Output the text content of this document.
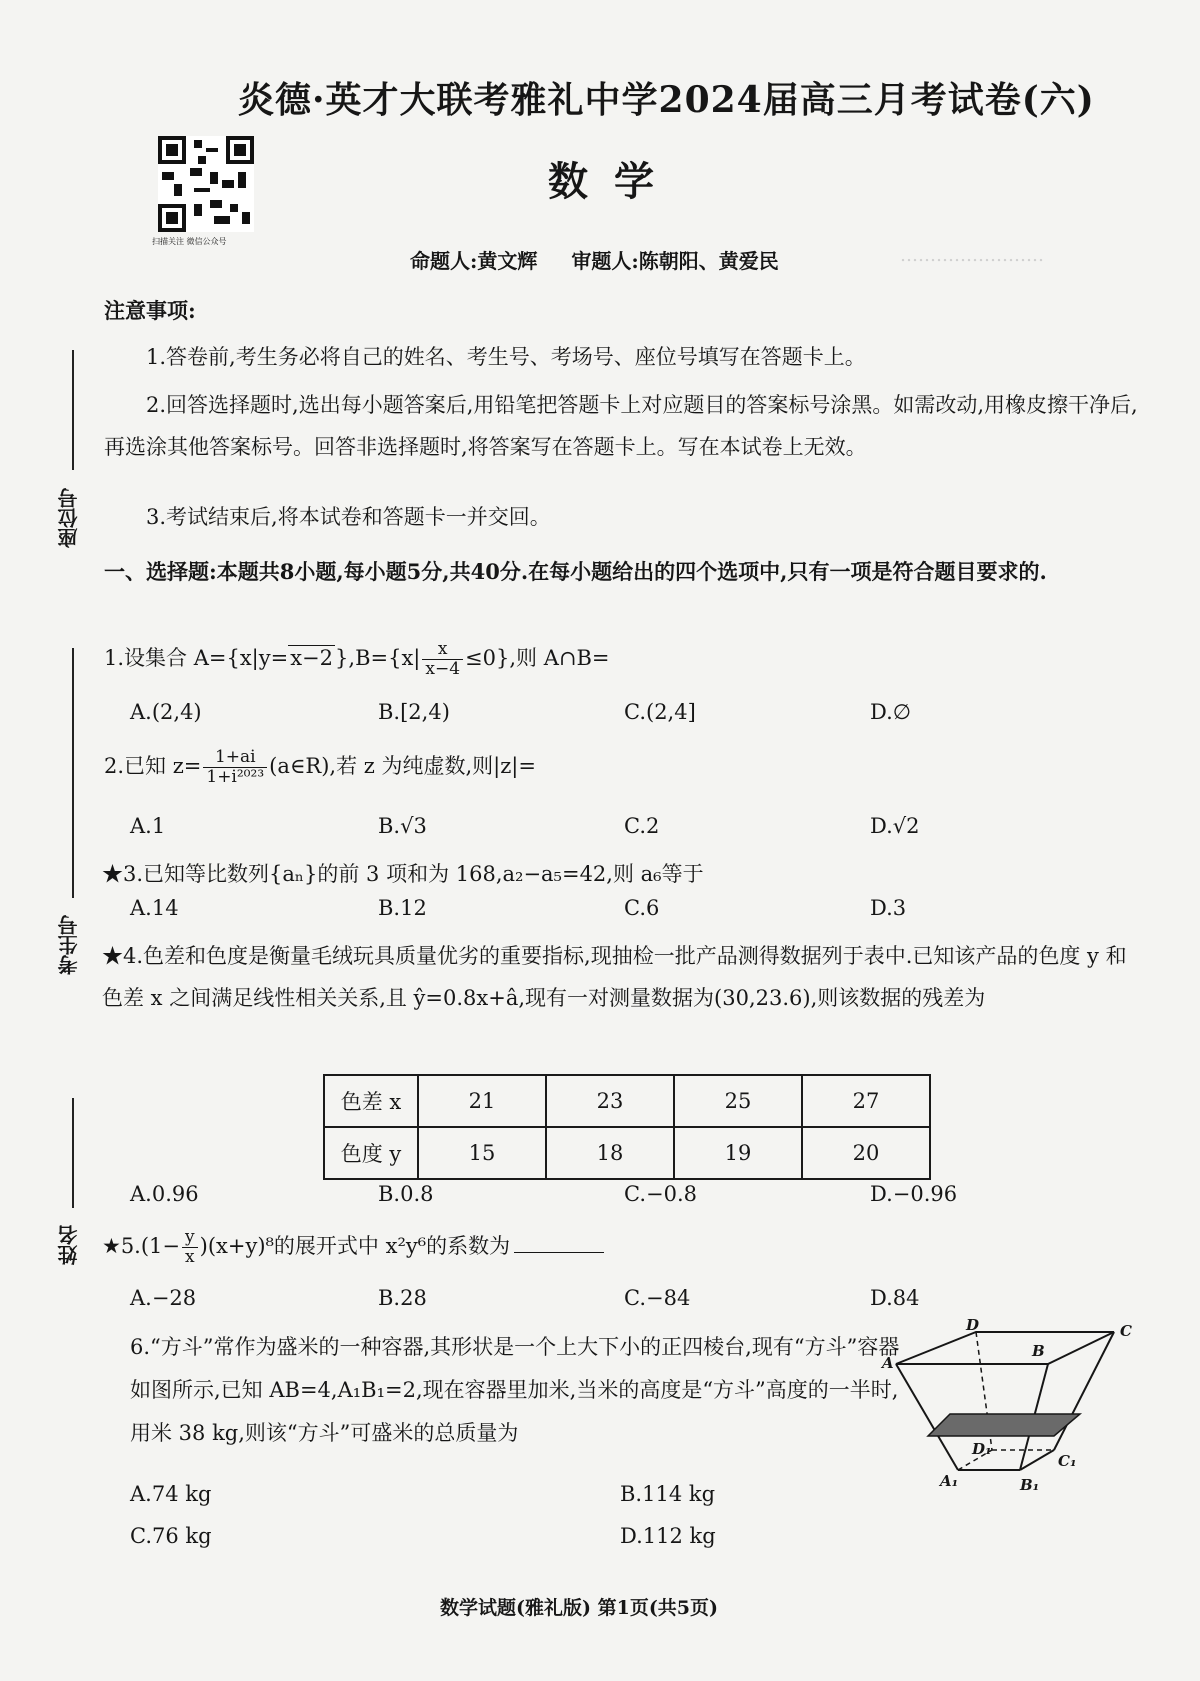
……………………
炎德·英才大联考雅礼中学2024届高三月考试卷(六)
扫描关注 微信公众号
数学
命题人:黄文辉 审题人:陈朝阳、黄爱民
座位号
考生号
姓名
注意事项:
1.答卷前,考生务必将自己的姓名、考生号、考场号、座位号填写在答题卡上。
2.回答选择题时,选出每小题答案后,用铅笔把答题卡上对应题目的答案标号涂黑。如需改动,用橡皮擦干净后,再选涂其他答案标号。回答非选择题时,将答案写在答题卡上。写在本试卷上无效。
3.考试结束后,将本试卷和答题卡一并交回。
一、选择题:本题共8小题,每小题5分,共40分.在每小题给出的四个选项中,只有一项是符合题目要求的.
1.设集合 $A=\{x|y=x-2\},B=\{x| \frac{x}{x-4} \le 0\}$,则 A∩B=
A.(2,4)	B.[2,4)	C.(2,4]	D.∅
2.已知 $z= \frac{1+ai}{\text{1+i²⁰²³}}$ (a∈R),若 z 为纯虚数,则|z|=
A.1	B.√3	C.2	D.√2
★3.已知等比数列{aₙ}的前 3 项和为 168,a₂−a₅=42,则 a₆等于
A.14	B.12	C.6	D.3
★4.色差和色度是衡量毛绒玩具质量优劣的重要指标,现抽检一批产品测得数据列于表中.已知该产品的色度 y 和色差 x 之间满足线性相关关系,且 ŷ=0.8x+â,现有一对测量数据为(30,23.6),则该数据的残差为
色差 x	21	23	25	27
色度 y	15	18	19	20
A.0.96	B.0.8	C.−0.8	D.−0.96
★5.(1− $\frac{y}{x} )(x+y)^8$的展开式中 x²y⁶的系数为
A.−28	B.28	C.−84	D.84
6.“方斗”常作为盛米的一种容器,其形状是一个上大下小的正四棱台,现有“方斗”容器如图所示,已知 AB=4,A₁B₁=2,现在容器里加米,当米的高度是“方斗”高度的一半时,用米 38 kg,则该“方斗”可盛米的总质量为
A
B
C
D
A₁	B₁
C₁
D₁
A.74 kg	B.114 kg
C.76 kg	D.112 kg
数学试题(雅礼版) 第1页(共5页)
